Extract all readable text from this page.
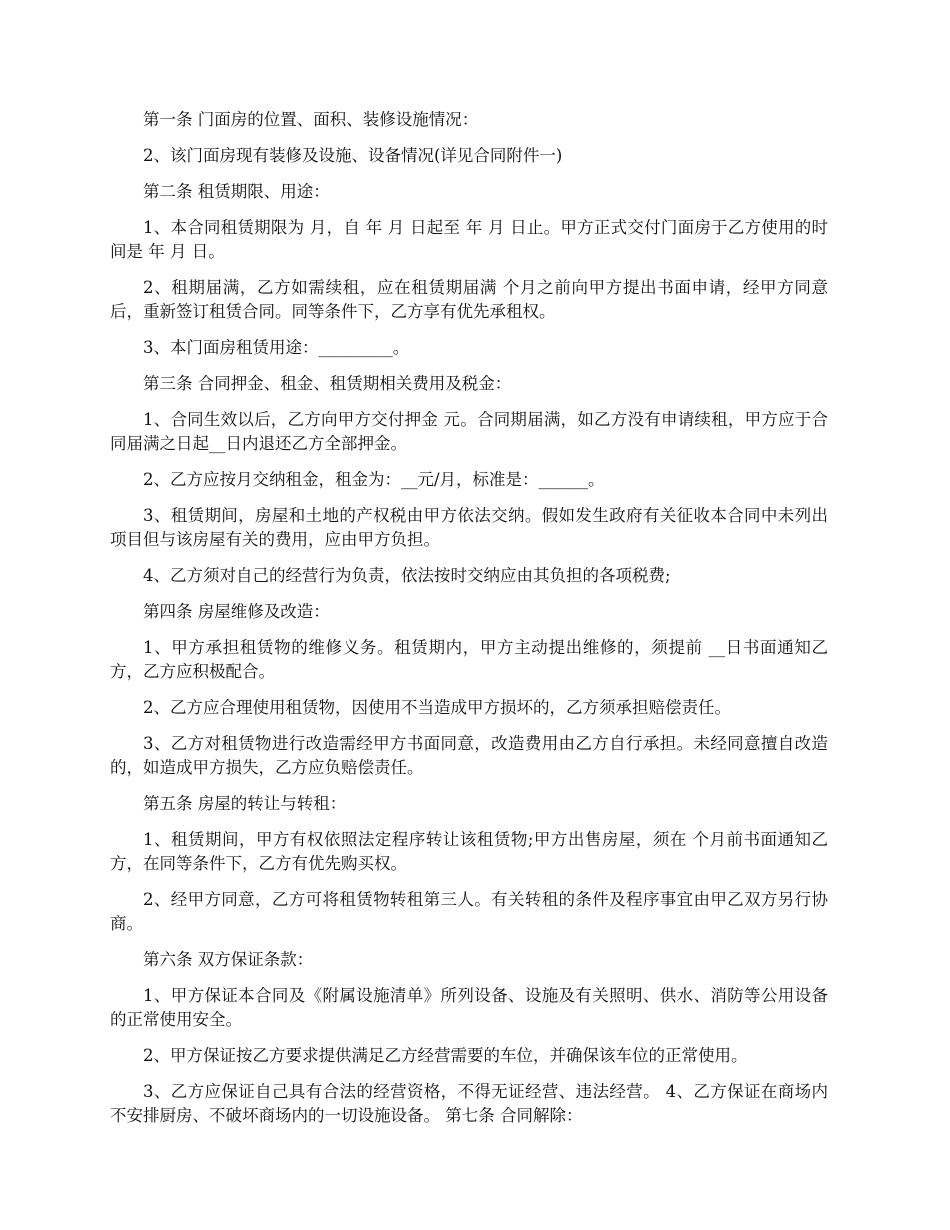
第一条 门面房的位置、面积、装修设施情况：

2、该门面房现有装修及设施、设备情况(详见合同附件一)

第二条 租赁期限、用途：

1、本合同租赁期限为 月，自 年 月 日起至 年 月 日止。甲方正式交付门面房于乙方使用的时间是 年 月 日。

2、租期届满，乙方如需续租，应在租赁期届满 个月之前向甲方提出书面申请，经甲方同意后，重新签订租赁合同。同等条件下，乙方享有优先承租权。

3、本门面房租赁用途：_________。

第三条 合同押金、租金、租赁期相关费用及税金：

1、合同生效以后，乙方向甲方交付押金 元。合同期届满，如乙方没有申请续租，甲方应于合同届满之日起__日内退还乙方全部押金。

2、乙方应按月交纳租金，租金为：__元/月，标准是：______。

3、租赁期间，房屋和土地的产权税由甲方依法交纳。假如发生政府有关征收本合同中未列出项目但与该房屋有关的费用，应由甲方负担。

4、乙方须对自己的经营行为负责，依法按时交纳应由其负担的各项税费;

第四条 房屋维修及改造：

1、甲方承担租赁物的维修义务。租赁期内，甲方主动提出维修的，须提前 __日书面通知乙方，乙方应积极配合。

2、乙方应合理使用租赁物，因使用不当造成甲方损坏的，乙方须承担赔偿责任。

3、乙方对租赁物进行改造需经甲方书面同意，改造费用由乙方自行承担。未经同意擅自改造的，如造成甲方损失，乙方应负赔偿责任。

第五条 房屋的转让与转租：

1、租赁期间，甲方有权依照法定程序转让该租赁物;甲方出售房屋，须在 个月前书面通知乙方，在同等条件下，乙方有优先购买权。

2、经甲方同意，乙方可将租赁物转租第三人。有关转租的条件及程序事宜由甲乙双方另行协商。

第六条 双方保证条款：

1、甲方保证本合同及《附属设施清单》所列设备、设施及有关照明、供水、消防等公用设备的正常使用安全。

2、甲方保证按乙方要求提供满足乙方经营需要的车位，并确保该车位的正常使用。

3、乙方应保证自己具有合法的经营资格，不得无证经营、违法经营。 4、乙方保证在商场内不安排厨房、不破坏商场内的一切设施设备。 第七条 合同解除：
